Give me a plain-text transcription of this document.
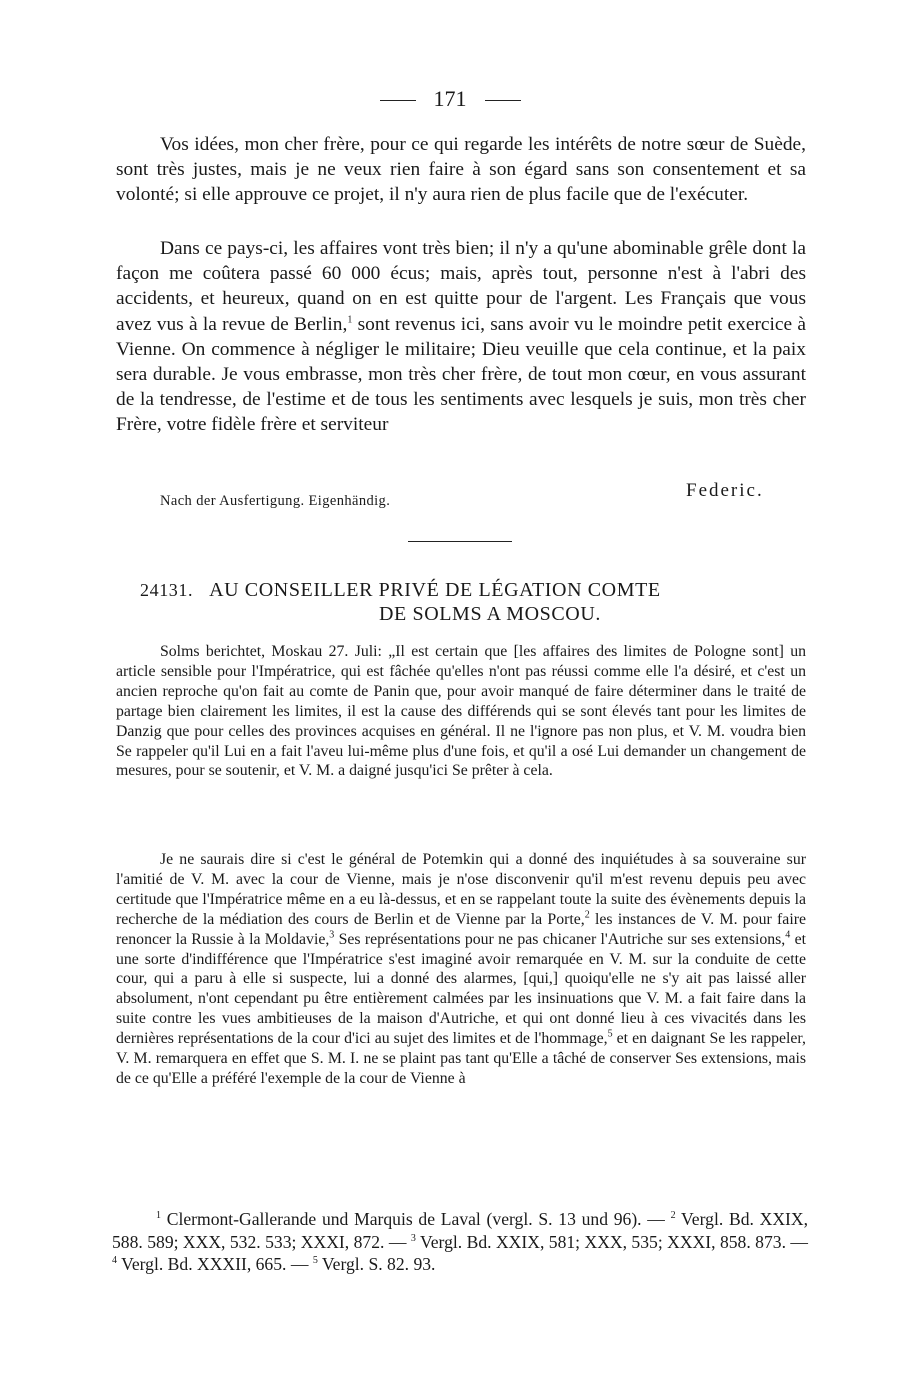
171

Vos idées, mon cher frère, pour ce qui regarde les intérêts de notre sœur de Suède, sont très justes, mais je ne veux rien faire à son égard sans son consentement et sa volonté; si elle approuve ce projet, il n'y aura rien de plus facile que de l'exécuter.

Dans ce pays-ci, les affaires vont très bien; il n'y a qu'une abominable grêle dont la façon me coûtera passé 60 000 écus; mais, après tout, personne n'est à l'abri des accidents, et heureux, quand on en est quitte pour de l'argent. Les Français que vous avez vus à la revue de Berlin,$^1$ sont revenus ici, sans avoir vu le moindre petit exercice à Vienne. On commence à négliger le militaire; Dieu veuille que cela continue, et la paix sera durable. Je vous embrasse, mon très cher frère, de tout mon cœur, en vous assurant de la tendresse, de l'estime et de tous les sentiments avec lesquels je suis, mon très cher Frère, votre fidèle frère et serviteur

Federic.
Nach der Ausfertigung. Eigenhändig.
24131. AU CONSEILLER PRIVÉ DE LÉGATION COMTE
DE SOLMS A MOSCOU.

Solms berichtet, Moskau 27. Juli: „Il est certain que [les affaires des limites de Pologne sont] un article sensible pour l'Impératrice, qui est fâchée qu'elles n'ont pas réussi comme elle l'a désiré, et c'est un ancien reproche qu'on fait au comte de Panin que, pour avoir manqué de faire déterminer dans le traité de partage bien clairement les limites, il est la cause des différends qui se sont élevés tant pour les limites de Danzig que pour celles des provinces acquises en général. Il ne l'ignore pas non plus, et V. M. voudra bien Se rappeler qu'il Lui en a fait l'aveu lui-même plus d'une fois, et qu'il a osé Lui demander un changement de mesures, pour se soutenir, et V. M. a daigné jusqu'ici Se prêter à cela.

Je ne saurais dire si c'est le général de Potemkin qui a donné des inquiétudes à sa souveraine sur l'amitié de V. M. avec la cour de Vienne, mais je n'ose disconvenir qu'il m'est revenu depuis peu avec certitude que l'Impératrice même en a eu là-dessus, et en se rappelant toute la suite des évènements depuis la recherche de la médiation des cours de Berlin et de Vienne par la Porte,$^2$ les instances de V. M. pour faire renoncer la Russie à la Moldavie,$^3$ Ses représentations pour ne pas chicaner l'Autriche sur ses extensions,$^4$ et une sorte d'indifférence que l'Impératrice s'est imaginé avoir remarquée en V. M. sur la conduite de cette cour, qui a paru à elle si suspecte, lui a donné des alarmes, [qui,] quoiqu'elle ne s'y ait pas laissé aller absolument, n'ont cependant pu être entièrement calmées par les insinuations que V. M. a fait faire dans la suite contre les vues ambitieuses de la maison d'Autriche, et qui ont donné lieu à ces vivacités dans les dernières représentations de la cour d'ici au sujet des limites et de l'hommage,$^5$ et en daignant Se les rappeler, V. M. remarquera en effet que S. M. I. ne se plaint pas tant qu'Elle a tâché de conserver Ses extensions, mais de ce qu'Elle a préféré l'exemple de la cour de Vienne à

$^1$ Clermont-Gallerande und Marquis de Laval (vergl. S. 13 und 96). — $^2$ Vergl. Bd. XXIX, 588. 589; XXX, 532. 533; XXXI, 872. — $^3$ Vergl. Bd. XXIX, 581; XXX, 535; XXXI, 858. 873. — $^4$ Vergl. Bd. XXXII, 665. — $^5$ Vergl. S. 82. 93.
